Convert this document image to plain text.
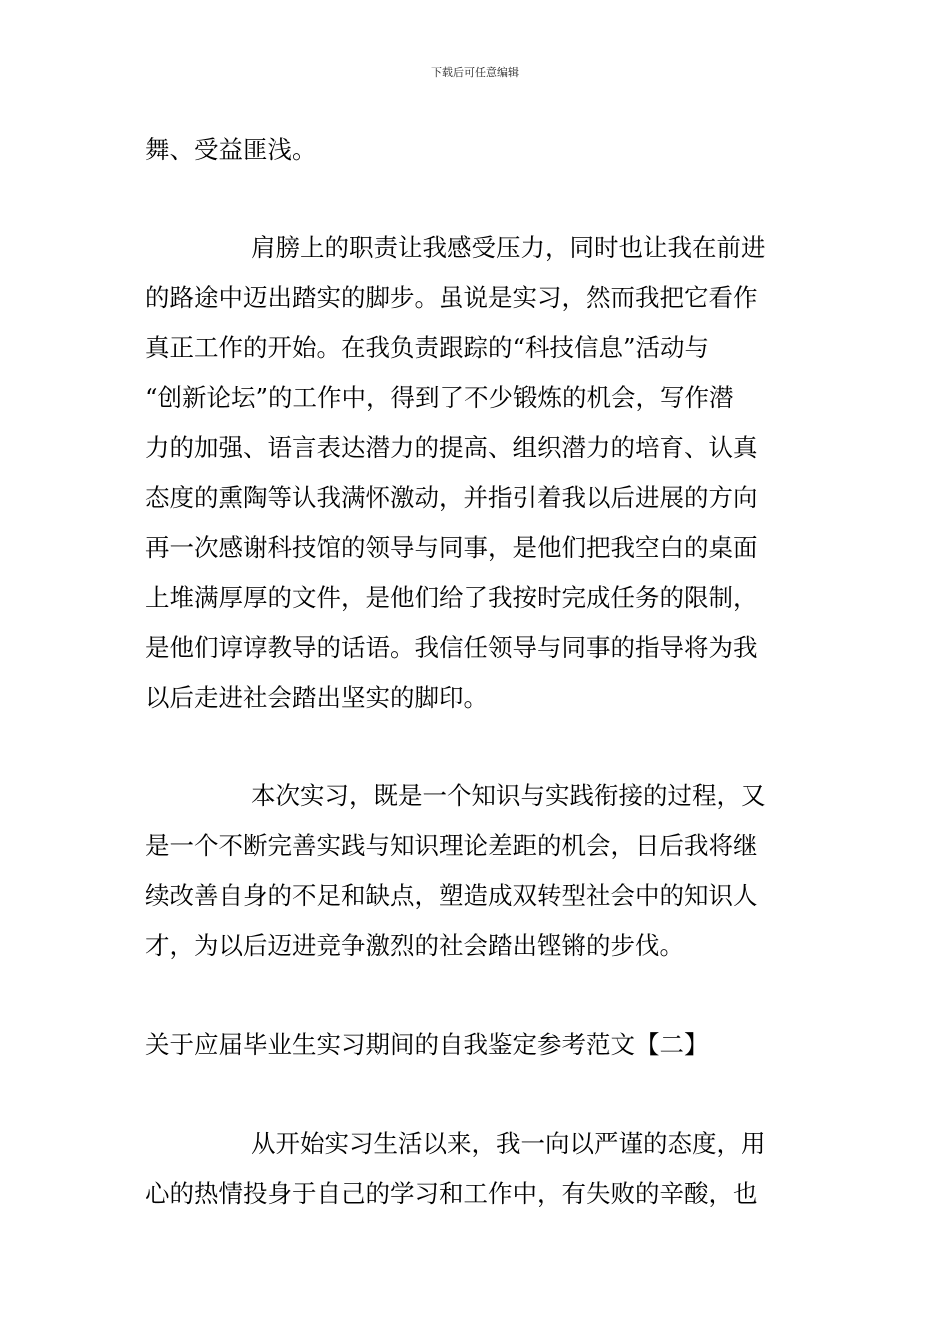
下载后可任意编辑

舞、受益匪浅。

肩膀上的职责让我感受压力，同时也让我在前进

的路途中迈出踏实的脚步。虽说是实习，然而我把它看作

真正工作的开始。在我负责跟踪的“科技信息”活动与

“创新论坛”的工作中，得到了不少锻炼的机会，写作潜

力的加强、语言表达潜力的提高、组织潜力的培育、认真

态度的熏陶等认我满怀激动，并指引着我以后进展的方向

再一次感谢科技馆的领导与同事，是他们把我空白的桌面

上堆满厚厚的文件，是他们给了我按时完成任务的限制，

是他们谆谆教导的话语。我信任领导与同事的指导将为我

以后走进社会踏出坚实的脚印。

本次实习，既是一个知识与实践衔接的过程，又

是一个不断完善实践与知识理论差距的机会，日后我将继

续改善自身的不足和缺点，塑造成双转型社会中的知识人

才，为以后迈进竞争激烈的社会踏出铿锵的步伐。

关于应届毕业生实习期间的自我鉴定参考范文【二】

从开始实习生活以来，我一向以严谨的态度，用

心的热情投身于自己的学习和工作中，有失败的辛酸，也
